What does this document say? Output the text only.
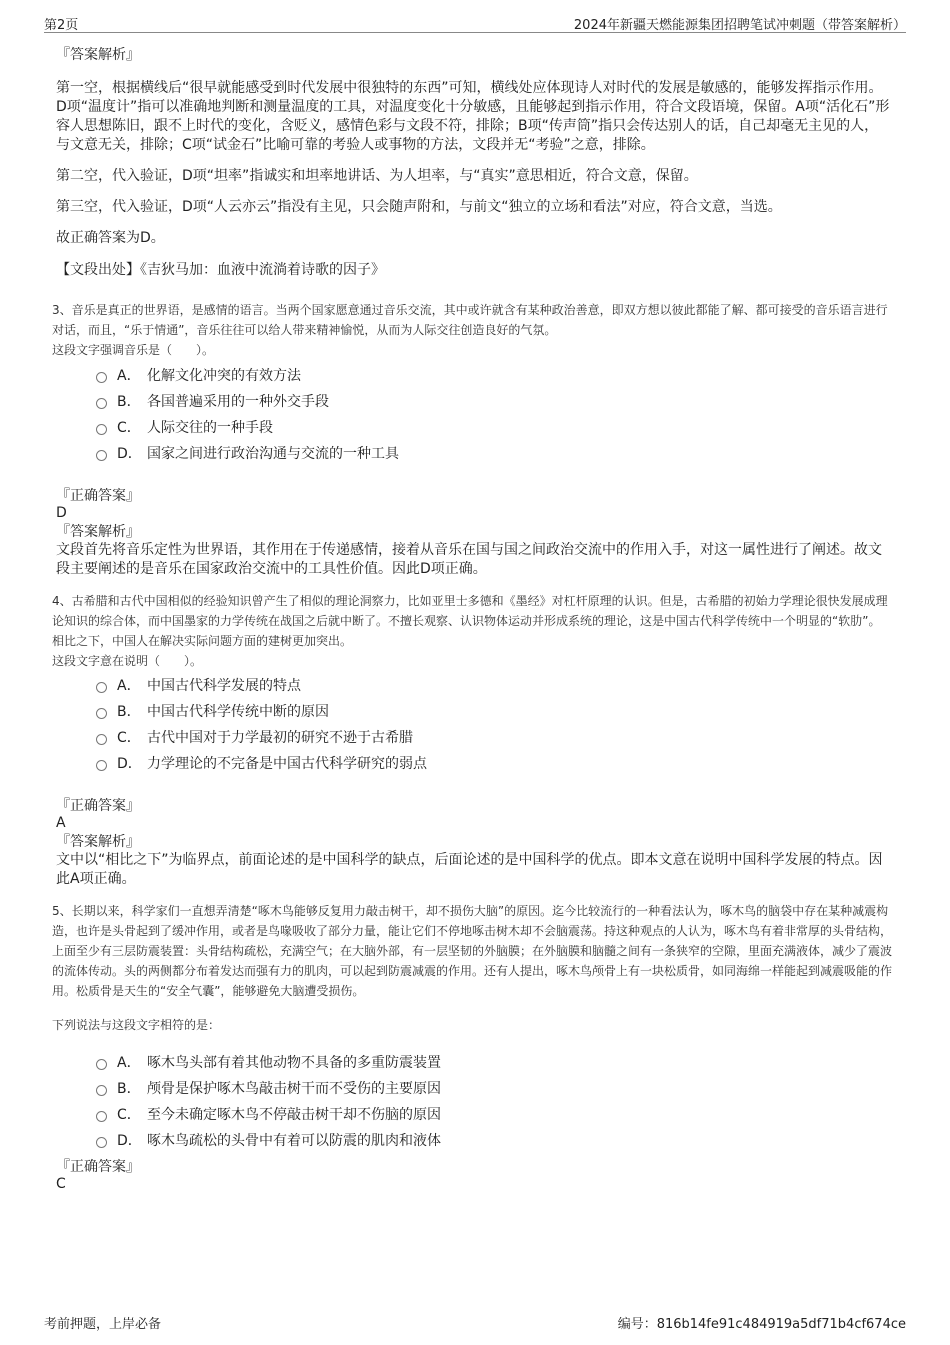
第2页	2024年新疆天燃能源集团招聘笔试冲刺题（带答案解析）

『答案解析』

第一空，根据横线后“很早就能感受到时代发展中很独特的东西”可知，横线处应体现诗人对时代的发展是敏感的，能够发挥指示作用。D项“温度计”指可以准确地判断和测量温度的工具，对温度变化十分敏感，且能够起到指示作用，符合文段语境，保留。A项“活化石”形容人思想陈旧，跟不上时代的变化，含贬义，感情色彩与文段不符，排除；B项“传声筒”指只会传达别人的话，自己却毫无主见的人，与文意无关，排除；C项“试金石”比喻可靠的考验人或事物的方法，文段并无“考验”之意，排除。

第二空，代入验证，D项“坦率”指诚实和坦率地讲话、为人坦率，与“真实”意思相近，符合文意，保留。

第三空，代入验证，D项“人云亦云”指没有主见，只会随声附和，与前文“独立的立场和看法”对应，符合文意，当选。

故正确答案为D。

【文段出处】《吉狄马加：血液中流淌着诗歌的因子》

3、音乐是真正的世界语，是感情的语言。当两个国家愿意通过音乐交流，其中或许就含有某种政治善意，即双方想以彼此都能了解、都可接受的音乐语言进行对话，而且，“乐于情通”，音乐往往可以给人带来精神愉悦，从而为人际交往创造良好的气氛。

这段文字强调音乐是（　　）。

A． 化解文化冲突的有效方法
B． 各国普遍采用的一种外交手段
C． 人际交往的一种手段
D． 国家之间进行政治沟通与交流的一种工具

『正确答案』

D

『答案解析』

文段首先将音乐定性为世界语，其作用在于传递感情，接着从音乐在国与国之间政治交流中的作用入手，对这一属性进行了阐述。故文段主要阐述的是音乐在国家政治交流中的工具性价值。因此D项正确。

4、古希腊和古代中国相似的经验知识曾产生了相似的理论洞察力，比如亚里士多德和《墨经》对杠杆原理的认识。但是，古希腊的初始力学理论很快发展成理论知识的综合体，而中国墨家的力学传统在战国之后就中断了。不擅长观察、认识物体运动并形成系统的理论，这是中国古代科学传统中一个明显的“软肋”。相比之下，中国人在解决实际问题方面的建树更加突出。

这段文字意在说明（　　）。

A． 中国古代科学发展的特点
B． 中国古代科学传统中断的原因
C． 古代中国对于力学最初的研究不逊于古希腊
D． 力学理论的不完备是中国古代科学研究的弱点

『正确答案』

A

『答案解析』

文中以“相比之下”为临界点，前面论述的是中国科学的缺点，后面论述的是中国科学的优点。即本文意在说明中国科学发展的特点。因此A项正确。

5、长期以来，科学家们一直想弄清楚“啄木鸟能够反复用力敲击树干，却不损伤大脑”的原因。迄今比较流行的一种看法认为，啄木鸟的脑袋中存在某种减震构造，也许是头骨起到了缓冲作用，或者是鸟喙吸收了部分力量，能让它们不停地啄击树木却不会脑震荡。持这种观点的人认为，啄木鸟有着非常厚的头骨结构，上面至少有三层防震装置：头骨结构疏松，充满空气；在大脑外部，有一层坚韧的外脑膜；在外脑膜和脑髓之间有一条狭窄的空隙，里面充满液体，减少了震波的流体传动。头的两侧都分布着发达而强有力的肌肉，可以起到防震减震的作用。还有人提出，啄木鸟颅骨上有一块松质骨，如同海绵一样能起到减震吸能的作用。松质骨是天生的“安全气囊”，能够避免大脑遭受损伤。

下列说法与这段文字相符的是：

A． 啄木鸟头部有着其他动物不具备的多重防震装置
B． 颅骨是保护啄木鸟敲击树干而不受伤的主要原因
C． 至今未确定啄木鸟不停敲击树干却不伤脑的原因
D． 啄木鸟疏松的头骨中有着可以防震的肌肉和液体

『正确答案』

C

考前押题，上岸必备	编号：816b14fe91c484919a5df71b4cf674ce
